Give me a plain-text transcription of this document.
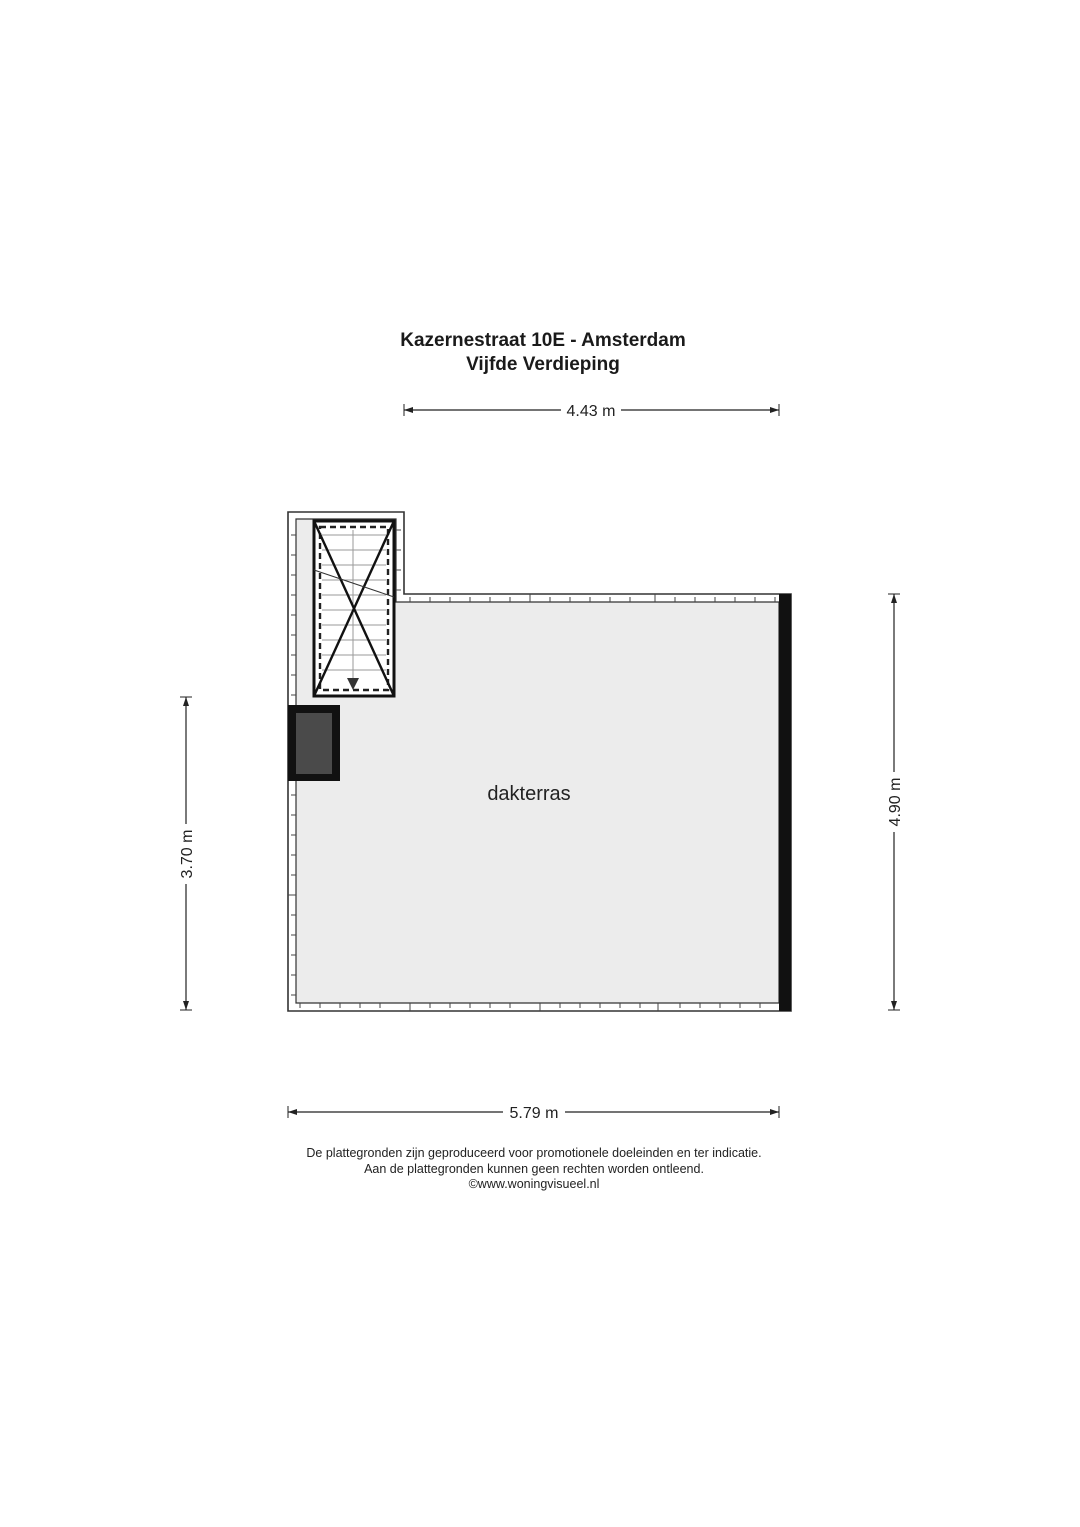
Kazernestraat 10E - Amsterdam
Vijfde Verdieping
dakterras
4.43 m
5.79 m
3.70 m
4.90 m
De plattegronden zijn geproduceerd voor promotionele doeleinden en ter indicatie.
Aan de plattegronden kunnen geen rechten worden ontleend.
©www.woningvisueel.nl
